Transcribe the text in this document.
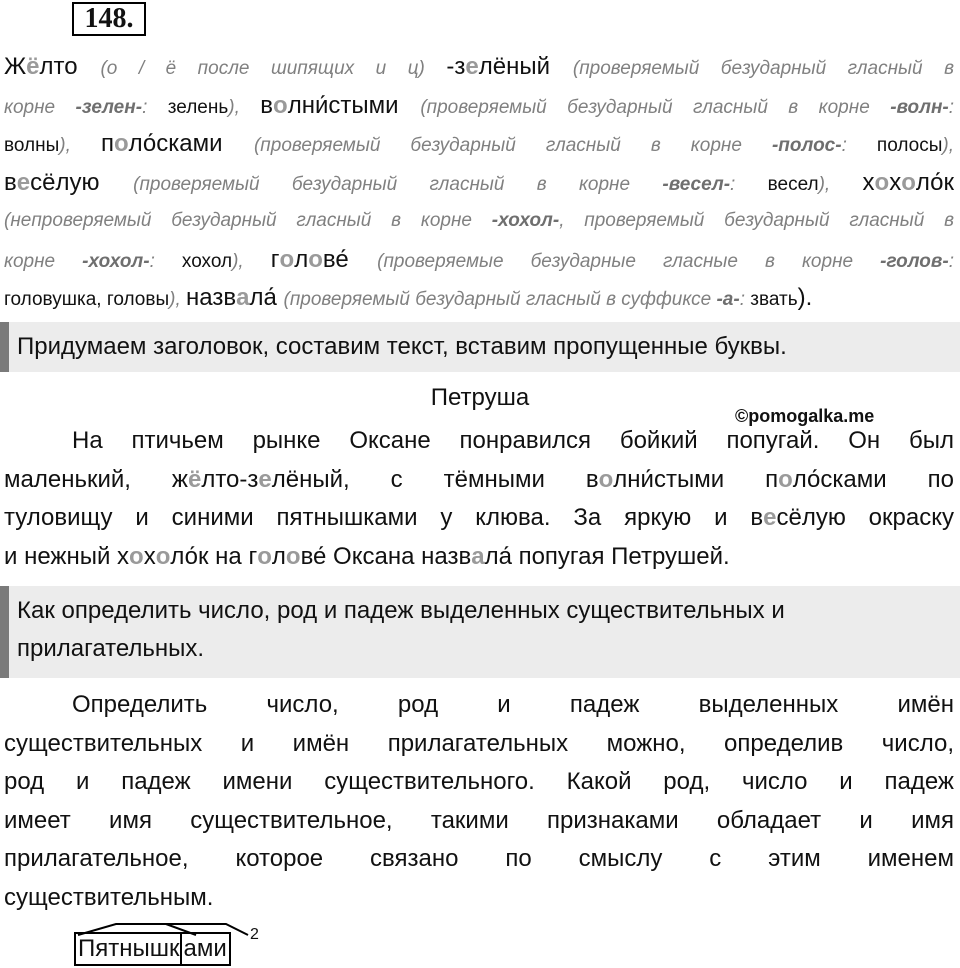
148.
Жёлто (о / ё после шипящих и ц) -зелёный (проверяемый безударный гласный в
корне -зелен-: зелень), волни́стыми (проверяемый безударный гласный в корне -волн-:
волны), поло́сками (проверяемый безударный гласный в корне -полос-: полосы),
весёлую (проверяемый безударный гласный в корне -весел-: весел), хохоло́к
(непроверяемый безударный гласный в корне -хохол-, проверяемый безударный гласный в
корне -хохол-: хохол), голове́ (проверяемые безударные гласные в корне -голов-:
головушка, головы), назвала́ (проверяемый безударный гласный в суффиксе -а-: звать).
Придумаем заголовок, составим текст, вставим пропущенные буквы.
Петруша
©pomogalka.me
На птичьем рынке Оксане понравился бойкий попугай. Он был
маленький, жёлто-зелёный, с тёмными волни́стыми поло́сками по
туловищу и синими пятнышками у клюва. За яркую и весёлую окраску
и нежный хохоло́к на голове́ Оксана назвала́ попугая Петрушей.
Как определить число, род и падеж выделенных существительных и
прилагательных.
Определить число, род и падеж выделенных имён
существительных и имён прилагательных можно, определив число,
род и падеж имени существительного. Какой род, число и падеж
имеет имя существительное, такими признаками обладает и имя
прилагательное, которое связано по смыслу с этим именем
существительным.
Пятнышк ами
2
